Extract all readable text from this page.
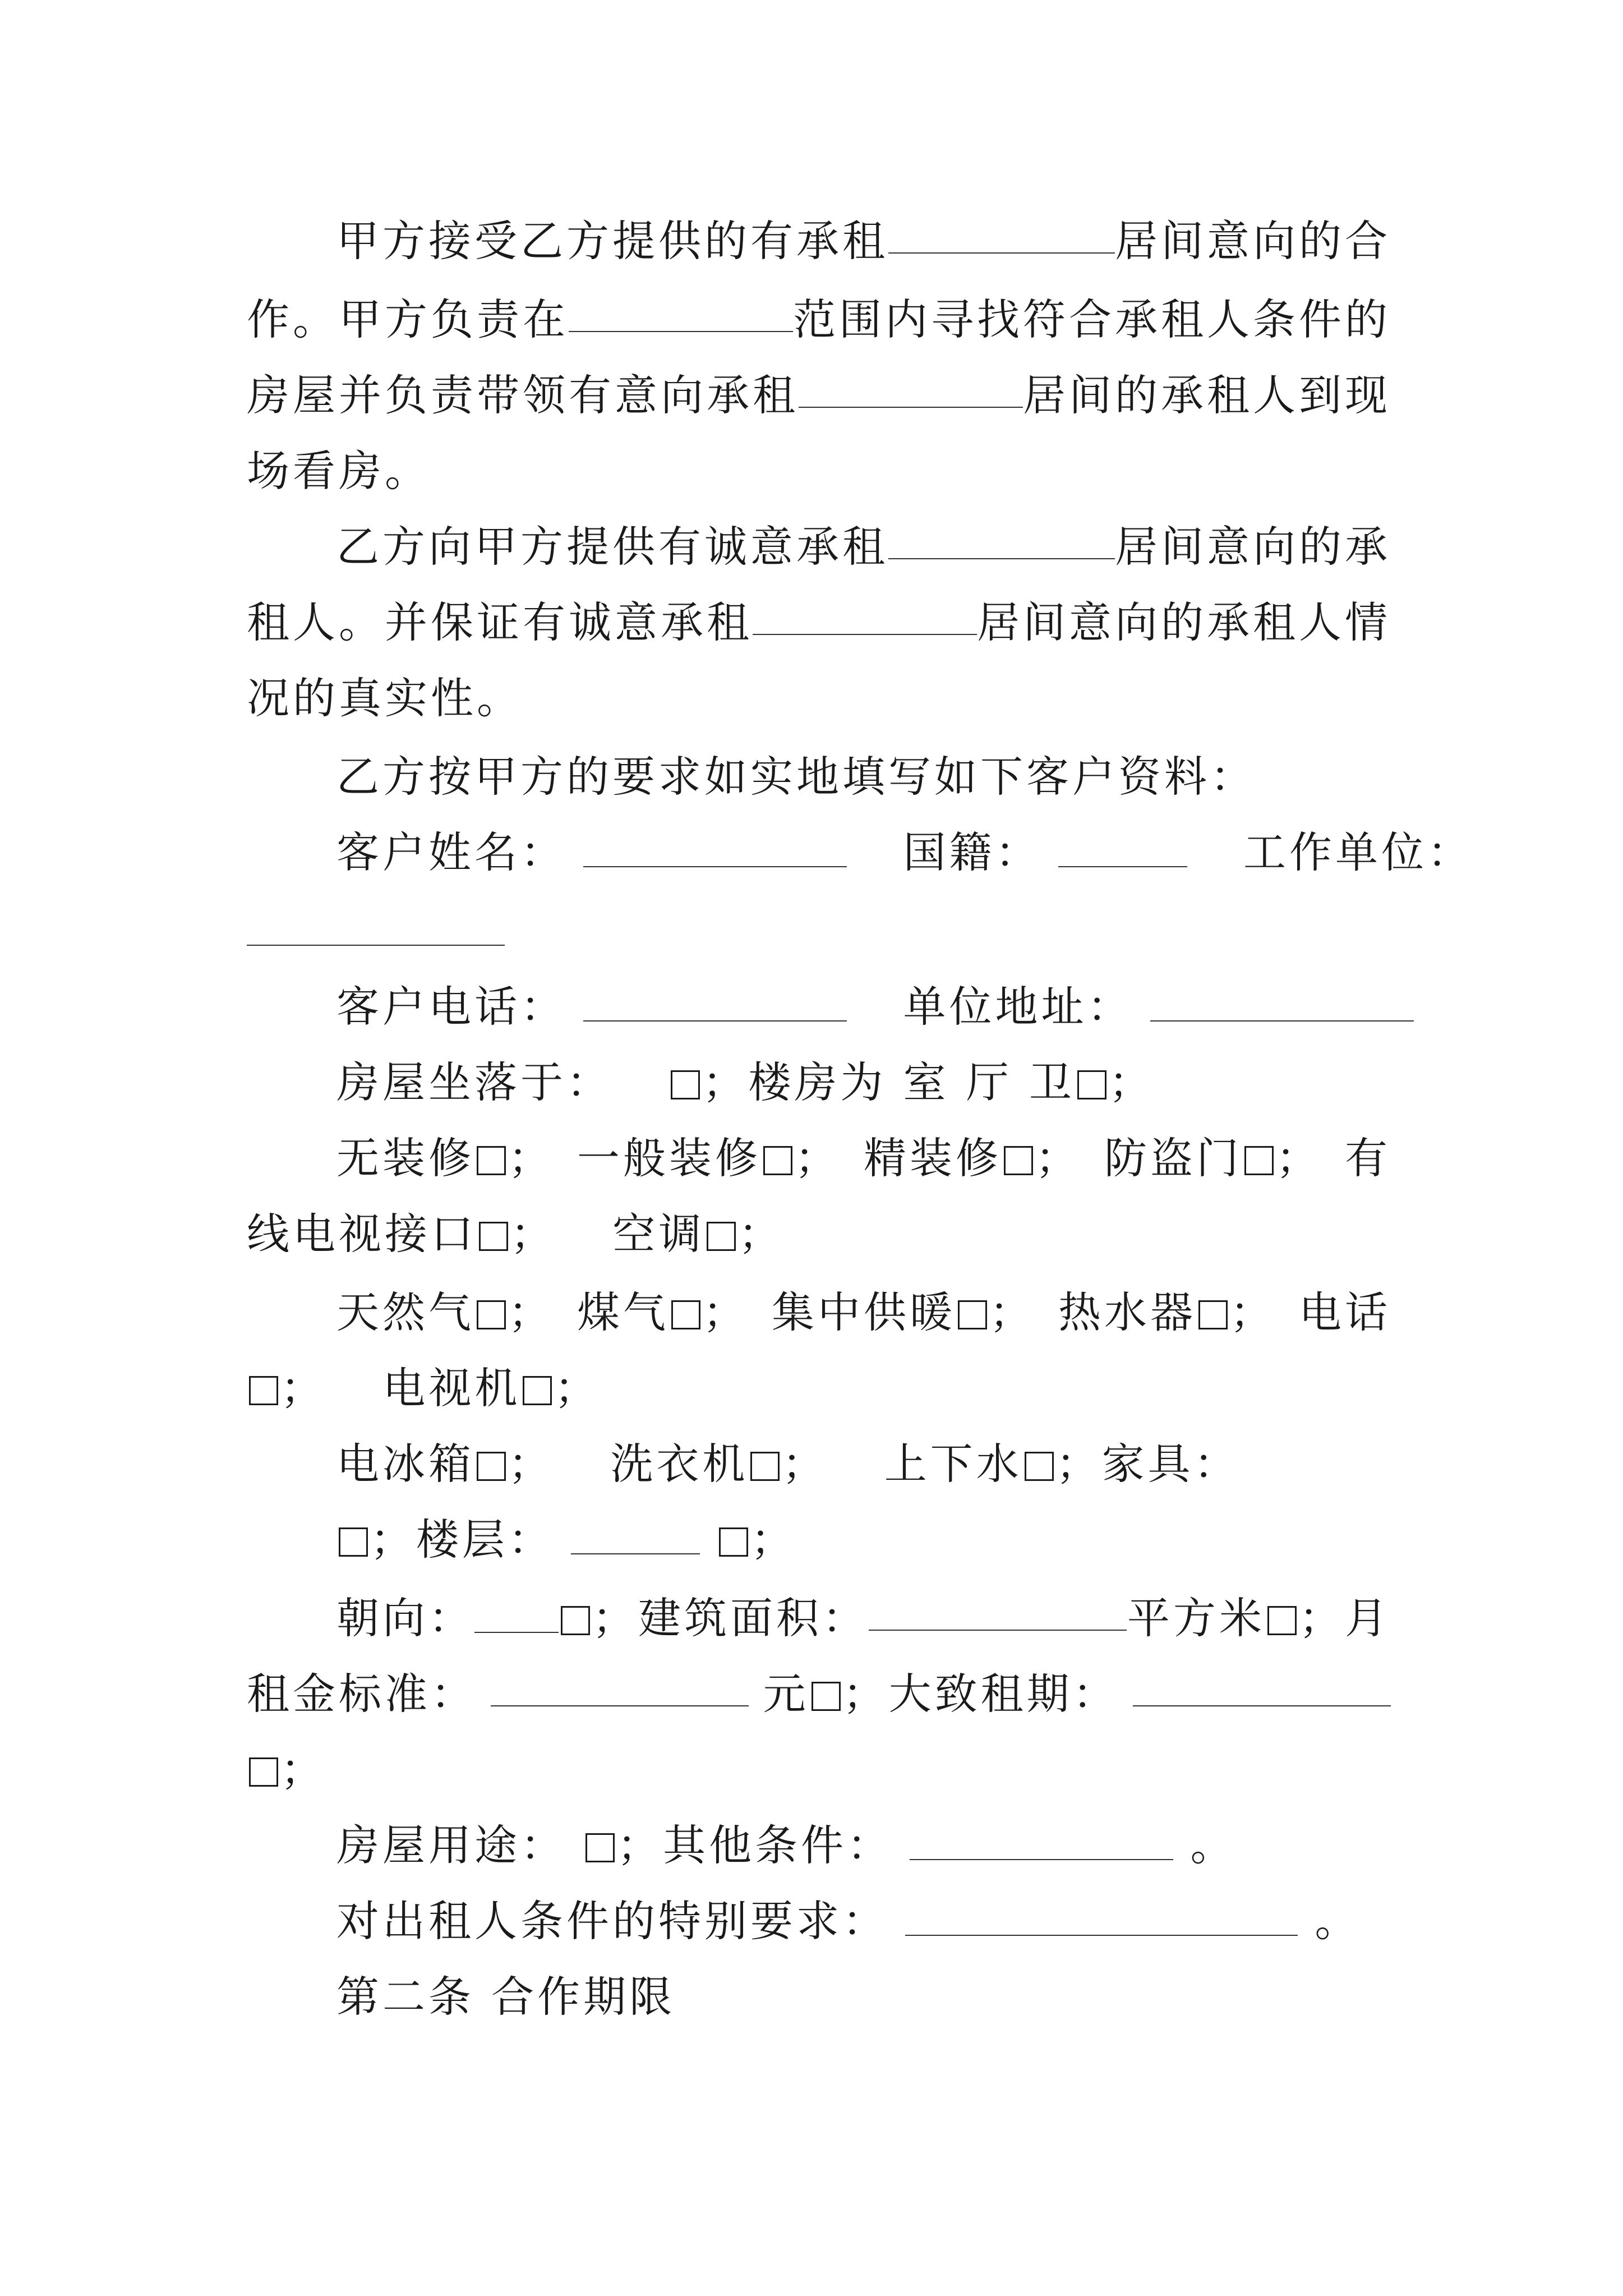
甲方接受乙方提供的有承租	居间意向的合
作。甲方负责在	范围内寻找符合承租人条件的
房屋并负责带领有意向承租	居间的承租人到现
场看房。
乙方向甲方提供有诚意承租	居间意向的承
租人。并保证有诚意承租	居间意向的承租人情
况的真实性。
乙方按甲方的要求如实地填写如下客户资料：
客户姓名：	国籍：	工作单位：
客户电话：	单位地址：
房屋坐落于： ；楼房为 室 厅 卫 ；
无装修 ； 一般装修 ； 精装修 ； 防盗门 ； 有
线电视接口 ； 空调 ；
天然气 ； 煤气 ； 集中供暖 ； 热水器 ； 电话
； 电视机 ；
电冰箱 ； 洗衣机 ； 上下水 ；家具：
；楼层：	；
朝向：	；建筑面积：	平方米 ；月
租金标准：	元 ；大致租期：
；
房屋用途： ；其他条件：	。
对出租人条件的特别要求：	。
第二条 合作期限
